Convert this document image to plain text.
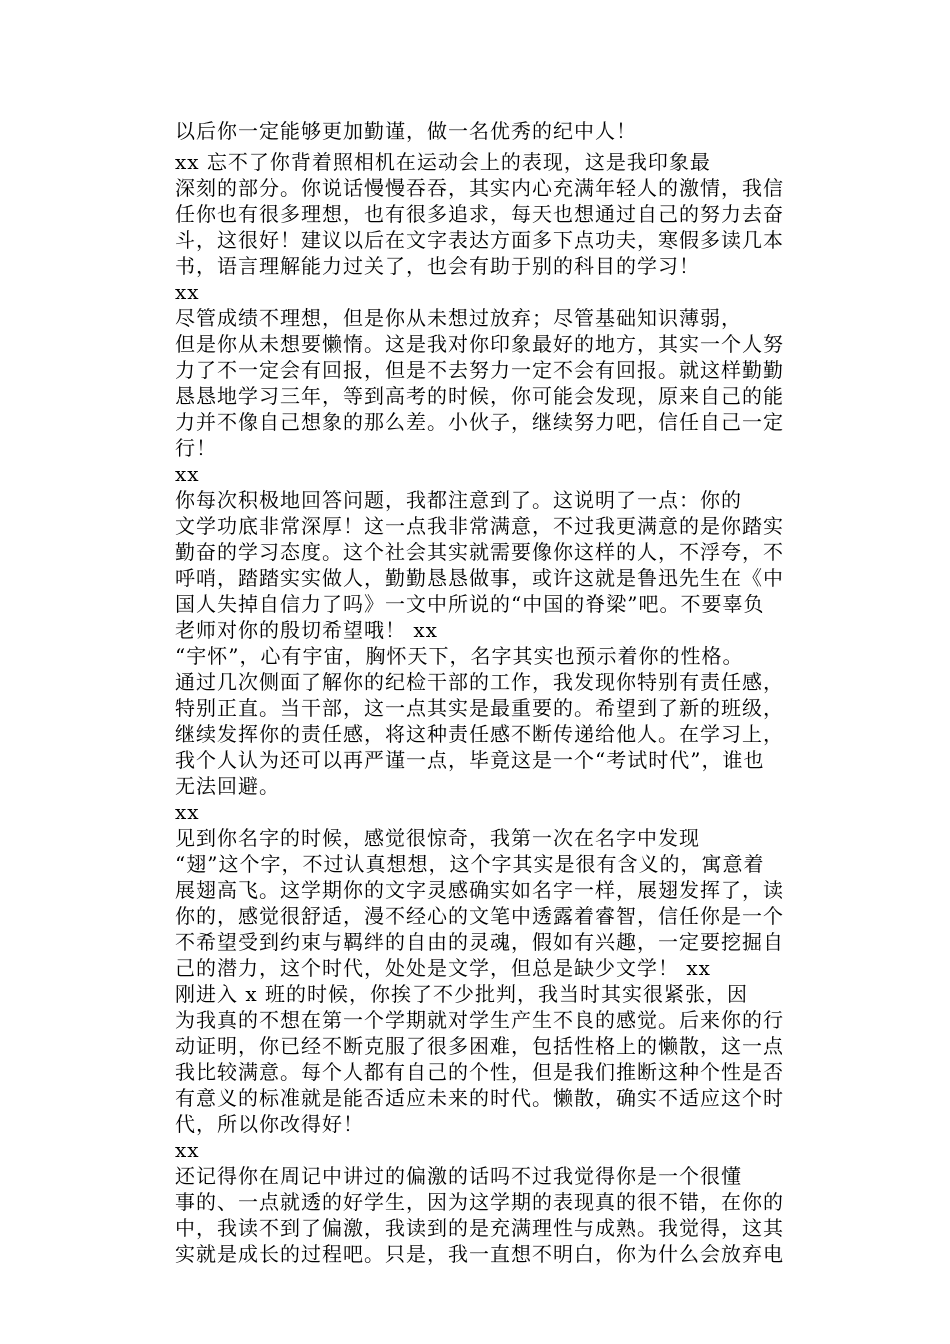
以后你一定能够更加勤谨，做一名优秀的纪中人！
xx 忘不了你背着照相机在运动会上的表现，这是我印象最
深刻的部分。你说话慢慢吞吞，其实内心充满年轻人的激情，我信
任你也有很多理想，也有很多追求，每天也想通过自己的努力去奋
斗，这很好！建议以后在文字表达方面多下点功夫，寒假多读几本
书，语言理解能力过关了，也会有助于别的科目的学习！
xx
尽管成绩不理想，但是你从未想过放弃；尽管基础知识薄弱，
但是你从未想要懒惰。这是我对你印象最好的地方，其实一个人努
力了不一定会有回报，但是不去努力一定不会有回报。就这样勤勤
恳恳地学习三年，等到高考的时候，你可能会发现，原来自己的能
力并不像自己想象的那么差。小伙子，继续努力吧，信任自己一定
行！
xx
你每次积极地回答问题，我都注意到了。这说明了一点：你的
文学功底非常深厚！这一点我非常满意，不过我更满意的是你踏实
勤奋的学习态度。这个社会其实就需要像你这样的人，不浮夸，不
呼哨，踏踏实实做人，勤勤恳恳做事，或许这就是鲁迅先生在《中
国人失掉自信力了吗》一文中所说的“中国的脊梁”吧。不要辜负
老师对你的殷切希望哦！ xx
“宇怀”，心有宇宙，胸怀天下，名字其实也预示着你的性格。
通过几次侧面了解你的纪检干部的工作，我发现你特别有责任感，
特别正直。当干部，这一点其实是最重要的。希望到了新的班级，
继续发挥你的责任感，将这种责任感不断传递给他人。在学习上，
我个人认为还可以再严谨一点，毕竟这是一个“考试时代”，谁也
无法回避。
xx
见到你名字的时候，感觉很惊奇，我第一次在名字中发现
“翅”这个字，不过认真想想，这个字其实是很有含义的，寓意着
展翅高飞。这学期你的文字灵感确实如名字一样，展翅发挥了，读
你的，感觉很舒适，漫不经心的文笔中透露着睿智，信任你是一个
不希望受到约束与羁绊的自由的灵魂，假如有兴趣，一定要挖掘自
己的潜力，这个时代，处处是文学，但总是缺少文学！ xx
刚进入 x 班的时候，你挨了不少批判，我当时其实很紧张，因
为我真的不想在第一个学期就对学生产生不良的感觉。后来你的行
动证明，你已经不断克服了很多困难，包括性格上的懒散，这一点
我比较满意。每个人都有自己的个性，但是我们推断这种个性是否
有意义的标准就是能否适应未来的时代。懒散，确实不适应这个时
代，所以你改得好！
xx
还记得你在周记中讲过的偏激的话吗不过我觉得你是一个很懂
事的、一点就透的好学生，因为这学期的表现真的很不错，在你的
中，我读不到了偏激，我读到的是充满理性与成熟。我觉得，这其
实就是成长的过程吧。只是，我一直想不明白，你为什么会放弃电
